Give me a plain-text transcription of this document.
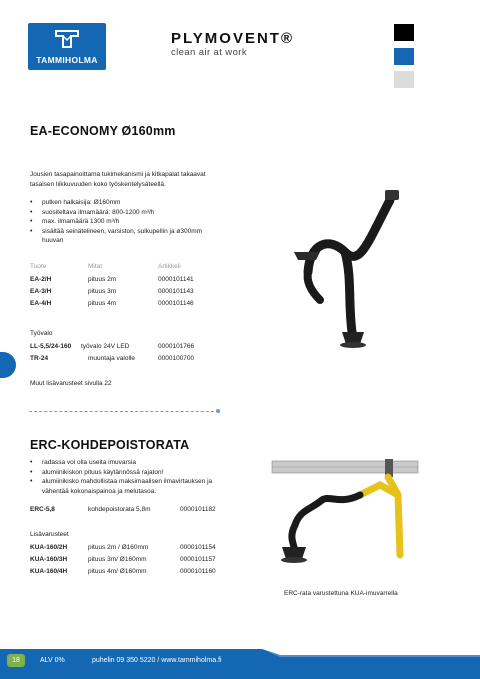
TAMMIHOLMA
PLYMOVENT®
clean air at work
EA-ECONOMY Ø160mm
Jousien tasapainoittama tukimekanismi ja kitkapalat takaavat
tasaisen liikkuvuuden koko työskentelysäteellä.
• putken halkaisija: Ø160mm
• suositeltava ilmamäärä: 800-1200 m³/h
• max. ilmamäärä 1300 m³/h
• sisältää seinätelineen, varsiston, sulkupellin ja ø300mm
huuvan
Tuote	Mitat	Artikkeli
EA-2/H	pituus 2m	0000101141
EA-3/H	pituus 3m	0000101143
EA-4/H	pituus 4m	0000101146
Työvalo
LL-5,5/24-160 työvalo 24V LED	0000101766
TR-24	muuntaja valolle	0000100700
Muut lisävarusteet sivulla 22
ERC-KOHDEPOISTORATA
• radassa voi olla useita imuvarsia
• alumiinikiskon pituus käytännössä rajaton!
• alumiinikisko mahdollistaa maksimaalisen ilmavirtauksen ja
vähentää kokonaispainoa ja melutasoa.
ERC-5,8	kohdepoistorata 5,8m	0000101182
Lisävarusteet
KUA-160/2H	pituus 2m / Ø160mm	0000101154
KUA-160/3H	pituus 3m/ Ø160mm	0000101157
KUA-160/4H	pituus 4m/ Ø160mm	0000101160
ERC-rata varustettuna KUA-imuvarrella
18	ALV 0%	puhelin 09 350 5220 / www.tammiholma.fi
